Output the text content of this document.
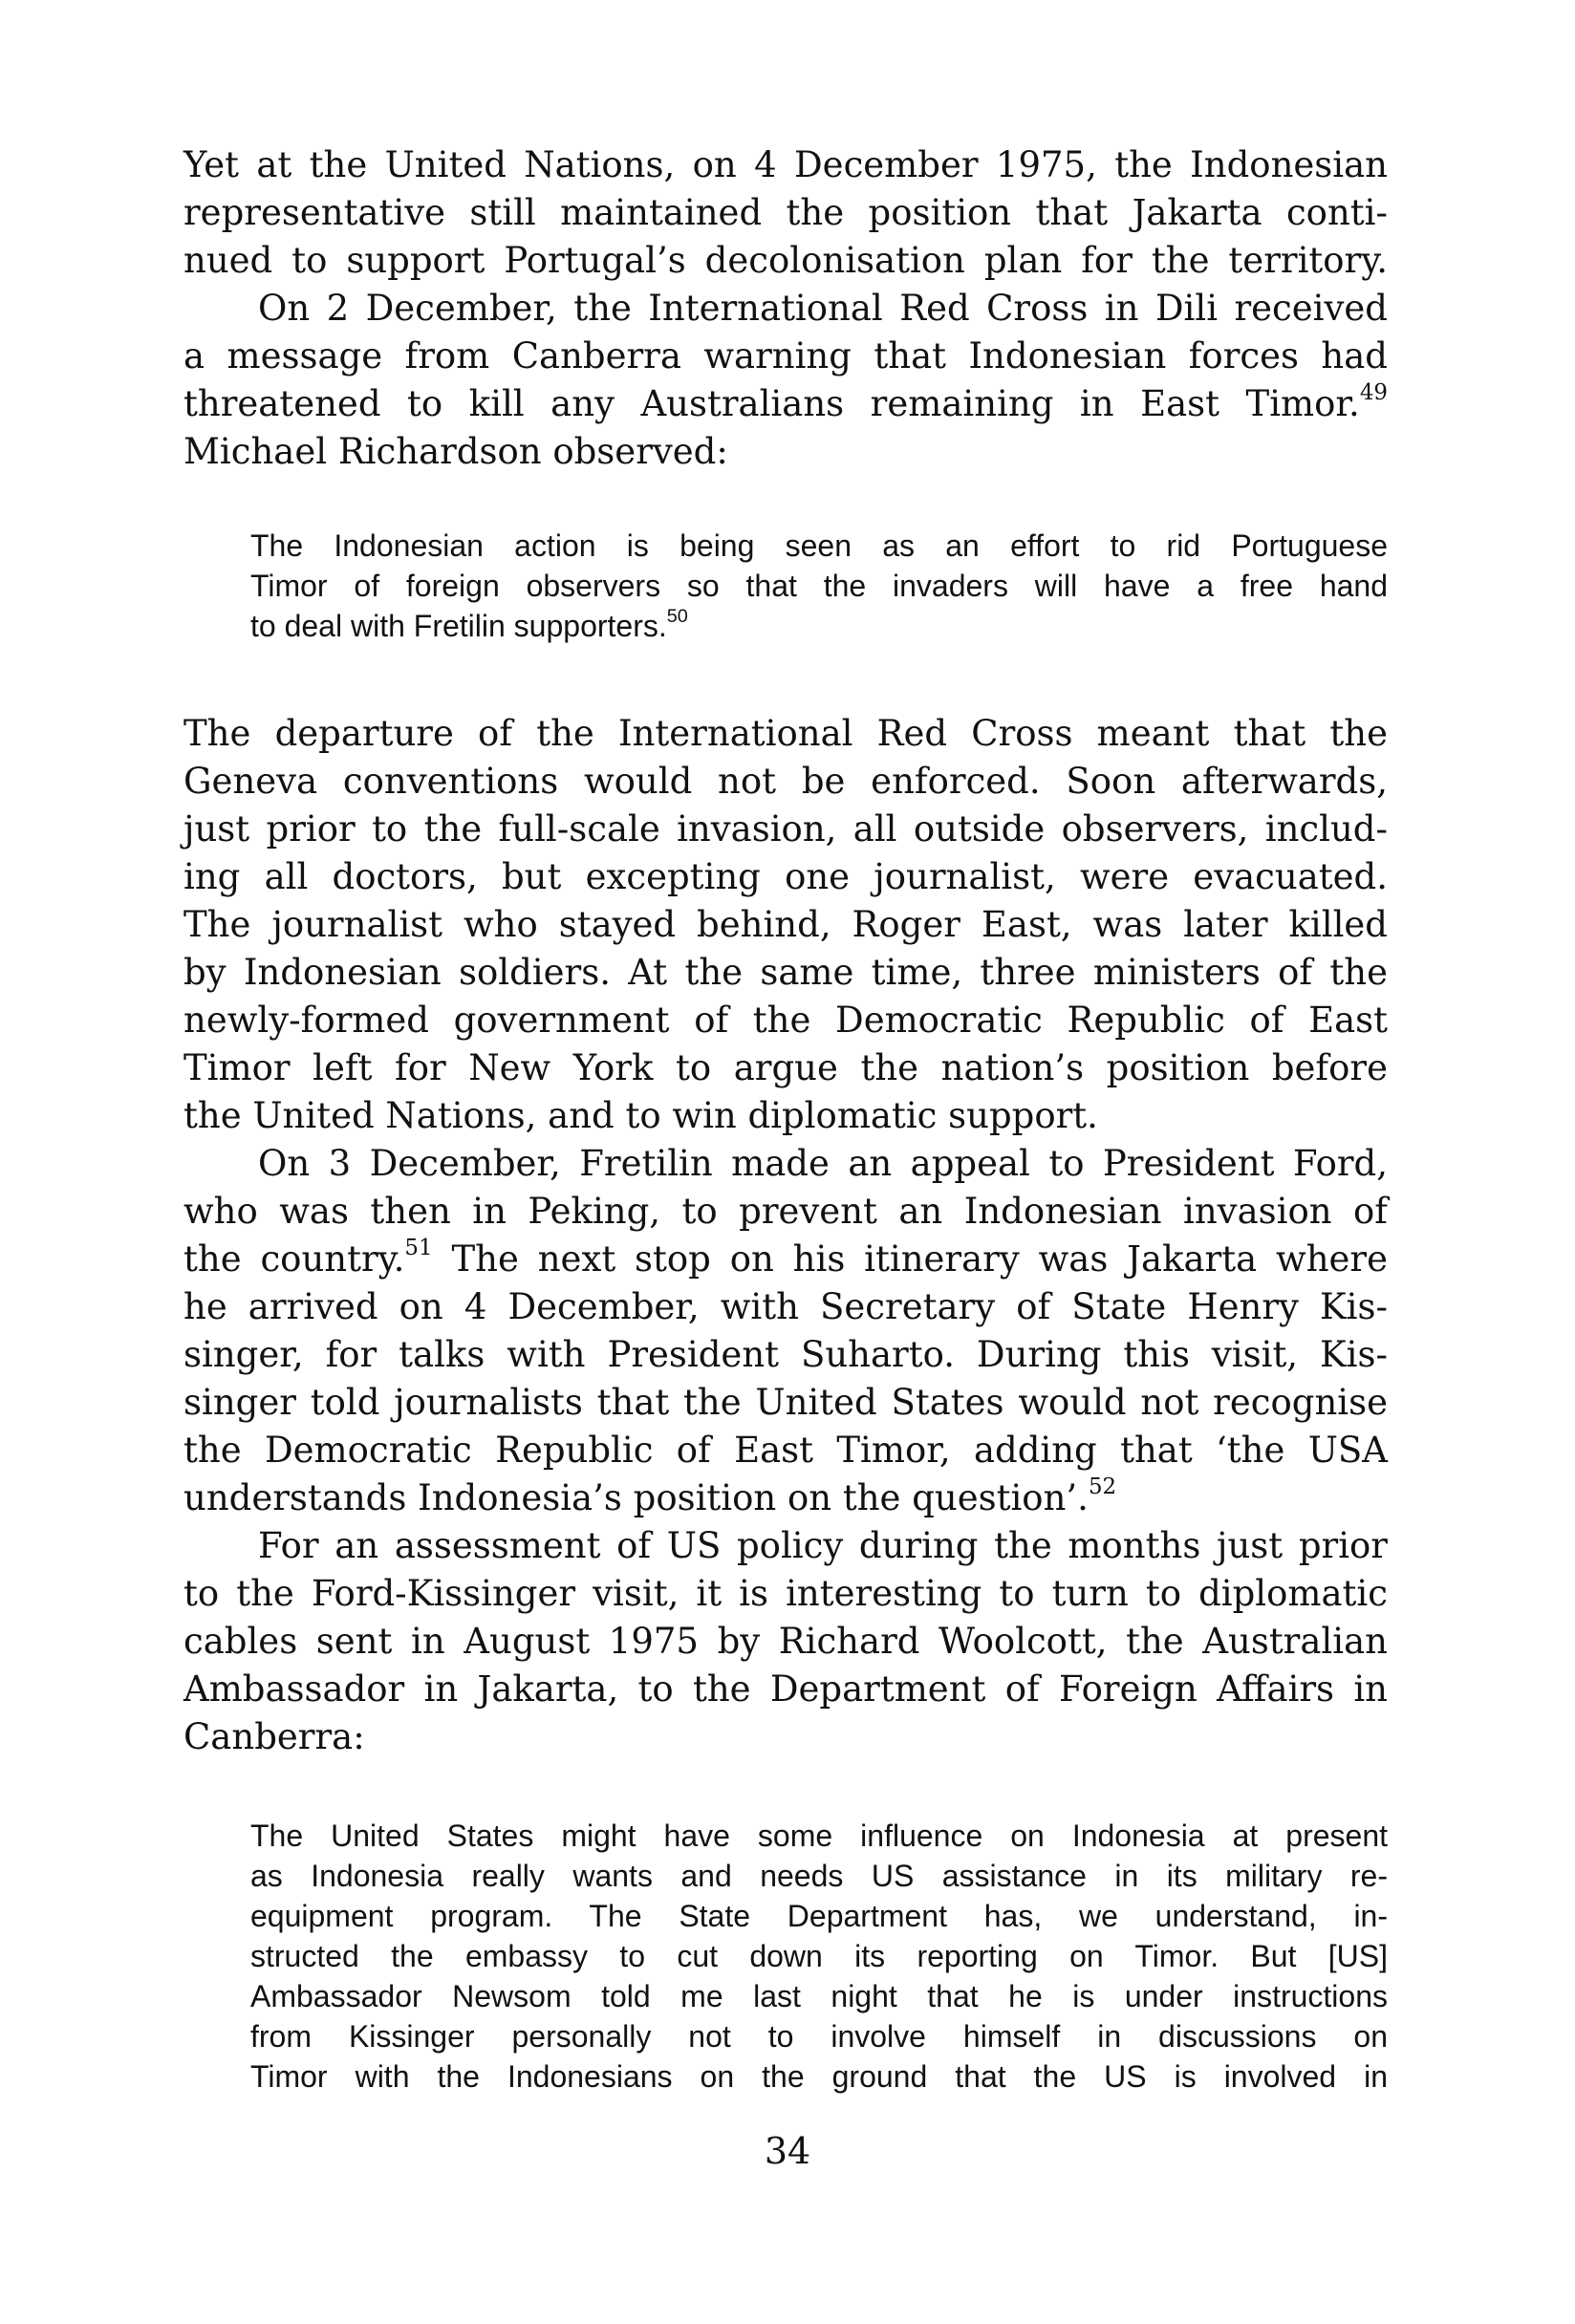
Yet at the United Nations, on 4 December 1975, the Indonesian
representative still maintained the position that Jakarta conti-
nued to support Portugal’s decolonisation plan for the territory.
On 2 December, the International Red Cross in Dili received
a message from Canberra warning that Indonesian forces had
threatened to kill any Australians remaining in East Timor.$^{49}$
Michael Richardson observed:
The Indonesian action is being seen as an effort to rid Portuguese
Timor of foreign observers so that the invaders will have a free hand
to deal with Fretilin supporters.$^{50}$
The departure of the International Red Cross meant that the
Geneva conventions would not be enforced. Soon afterwards,
just prior to the full-scale invasion, all outside observers, includ-
ing all doctors, but excepting one journalist, were evacuated.
The journalist who stayed behind, Roger East, was later killed
by Indonesian soldiers. At the same time, three ministers of the
newly-formed government of the Democratic Republic of East
Timor left for New York to argue the nation’s position before
the United Nations, and to win diplomatic support.
On 3 December, Fretilin made an appeal to President Ford,
who was then in Peking, to prevent an Indonesian invasion of
the country.$^{51}$ The next stop on his itinerary was Jakarta where
he arrived on 4 December, with Secretary of State Henry Kis-
singer, for talks with President Suharto. During this visit, Kis-
singer told journalists that the United States would not recognise
the Democratic Republic of East Timor, adding that ‘the USA
understands Indonesia’s position on the question’.$^{52}$
For an assessment of US policy during the months just prior
to the Ford-Kissinger visit, it is interesting to turn to diplomatic
cables sent in August 1975 by Richard Woolcott, the Australian
Ambassador in Jakarta, to the Department of Foreign Affairs in
Canberra:
The United States might have some influence on Indonesia at present
as Indonesia really wants and needs US assistance in its military re-
equipment program. The State Department has, we understand, in-
structed the embassy to cut down its reporting on Timor. But [US]
Ambassador Newsom told me last night that he is under instructions
from Kissinger personally not to involve himself in discussions on
Timor with the Indonesians on the ground that the US is involved in
34
